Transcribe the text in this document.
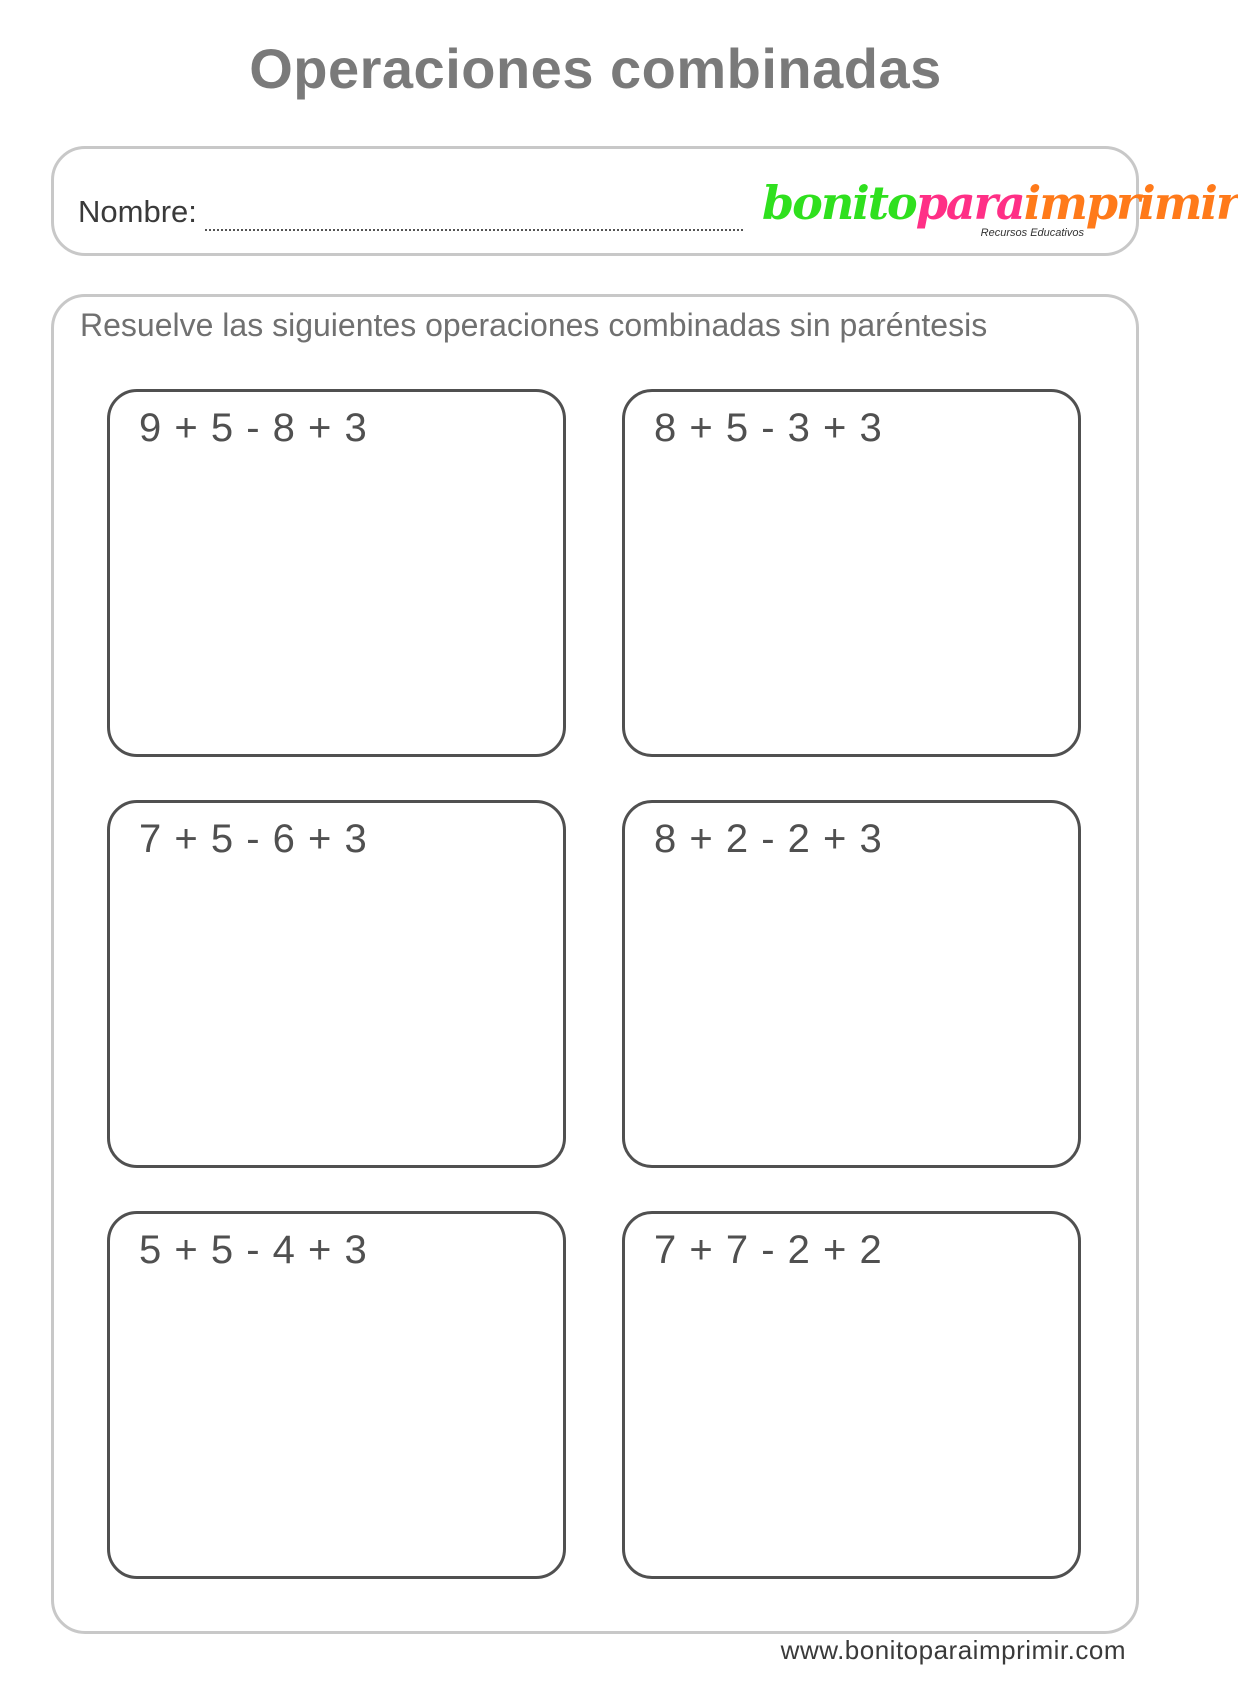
Operaciones combinadas
Nombre:	bonitoparaimprimir
Recursos Educativos
Resuelve las siguientes operaciones combinadas sin paréntesis
9 + 5 - 8 + 3	8 + 5 - 3 + 3
7 + 5 - 6 + 3	8 + 2 - 2 + 3
5 + 5 - 4 + 3	7 + 7 - 2 + 2
www.bonitoparaimprimir.com
